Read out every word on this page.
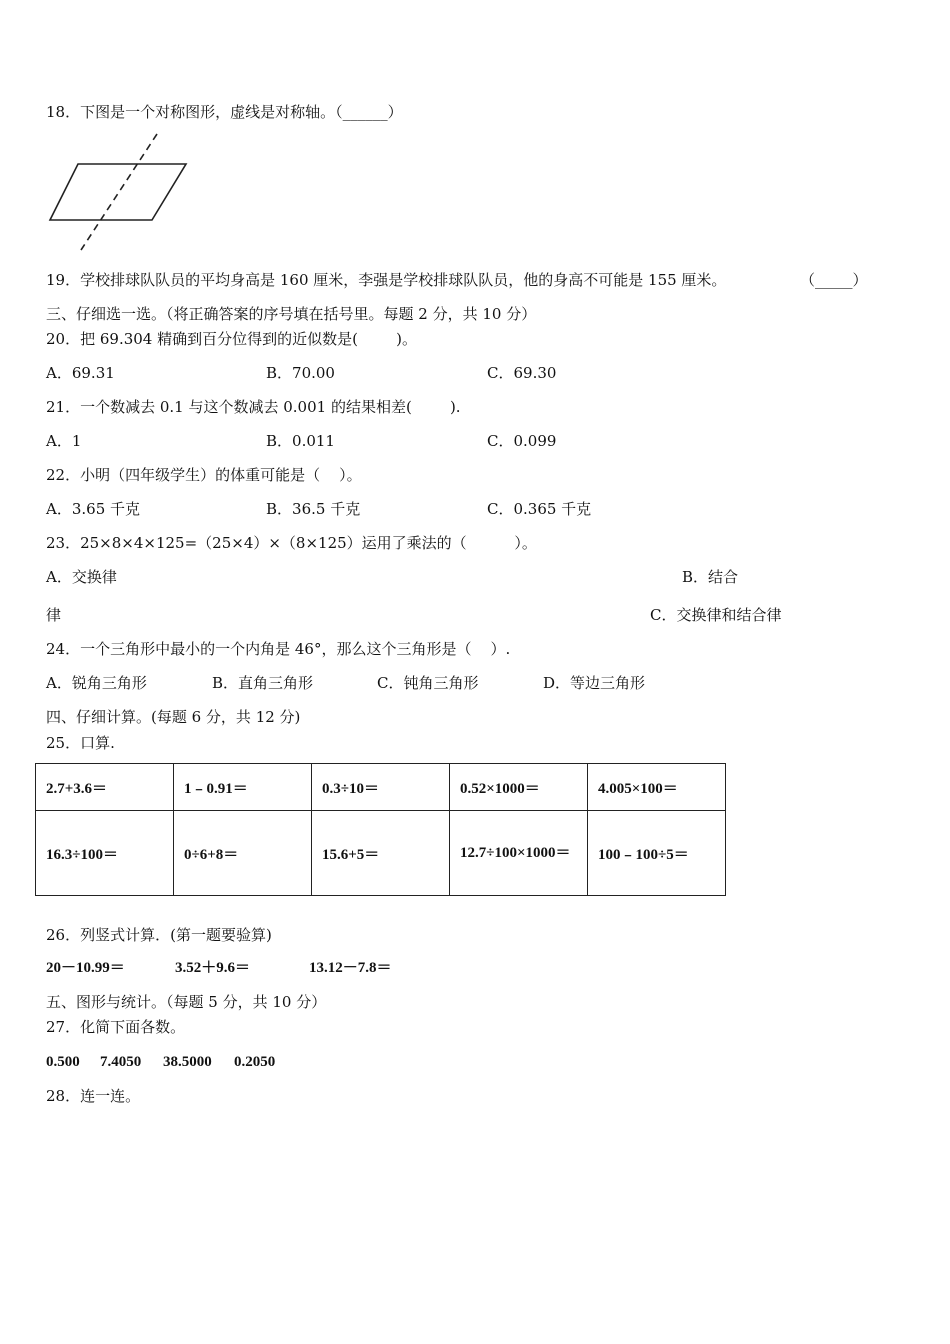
18．下图是一个对称图形，虚线是对称轴。（______）
19．学校排球队队员的平均身高是 160 厘米，李强是学校排球队队员，他的身高不可能是 155 厘米。	（_____）
三、仔细选一选。（将正确答案的序号填在括号里。每题 2 分，共 10 分）
20．把 69.304 精确到百分位得到的近似数是(        )。
A．69.31	B．70.00	C．69.30
21．一个数减去 0.1 与这个数减去 0.001 的结果相差(        ).
A．1	B．0.011	C．0.099
22．小明（四年级学生）的体重可能是（    ）。
A．3.65 千克	B．36.5 千克	C．0.365 千克
23．25×8×4×125=（25×4）×（8×125）运用了乘法的（          ）。
A．交换律	B．结合
律	C．交换律和结合律
24．一个三角形中最小的一个内角是 46°，那么这个三角形是（    ）.
A．锐角三角形	B．直角三角形	C．钝角三角形	D．等边三角形
四、仔细计算。(每题 6 分，共 12 分)
25．口算.
2.7+3.6＝	1﹣0.91＝	0.3÷10＝	0.52×1000＝	4.005×100＝
16.3÷100＝	0÷6+8＝	15.6+5＝	12.7÷100×1000＝	100﹣100÷5＝
26．列竖式计算．(第一题要验算)
20－10.99＝	3.52＋9.6＝	13.12－7.8＝
五、图形与统计。（每题 5 分，共 10 分）
27．化简下面各数。
0.500 7.4050 38.5000 0.2050
28．连一连。
